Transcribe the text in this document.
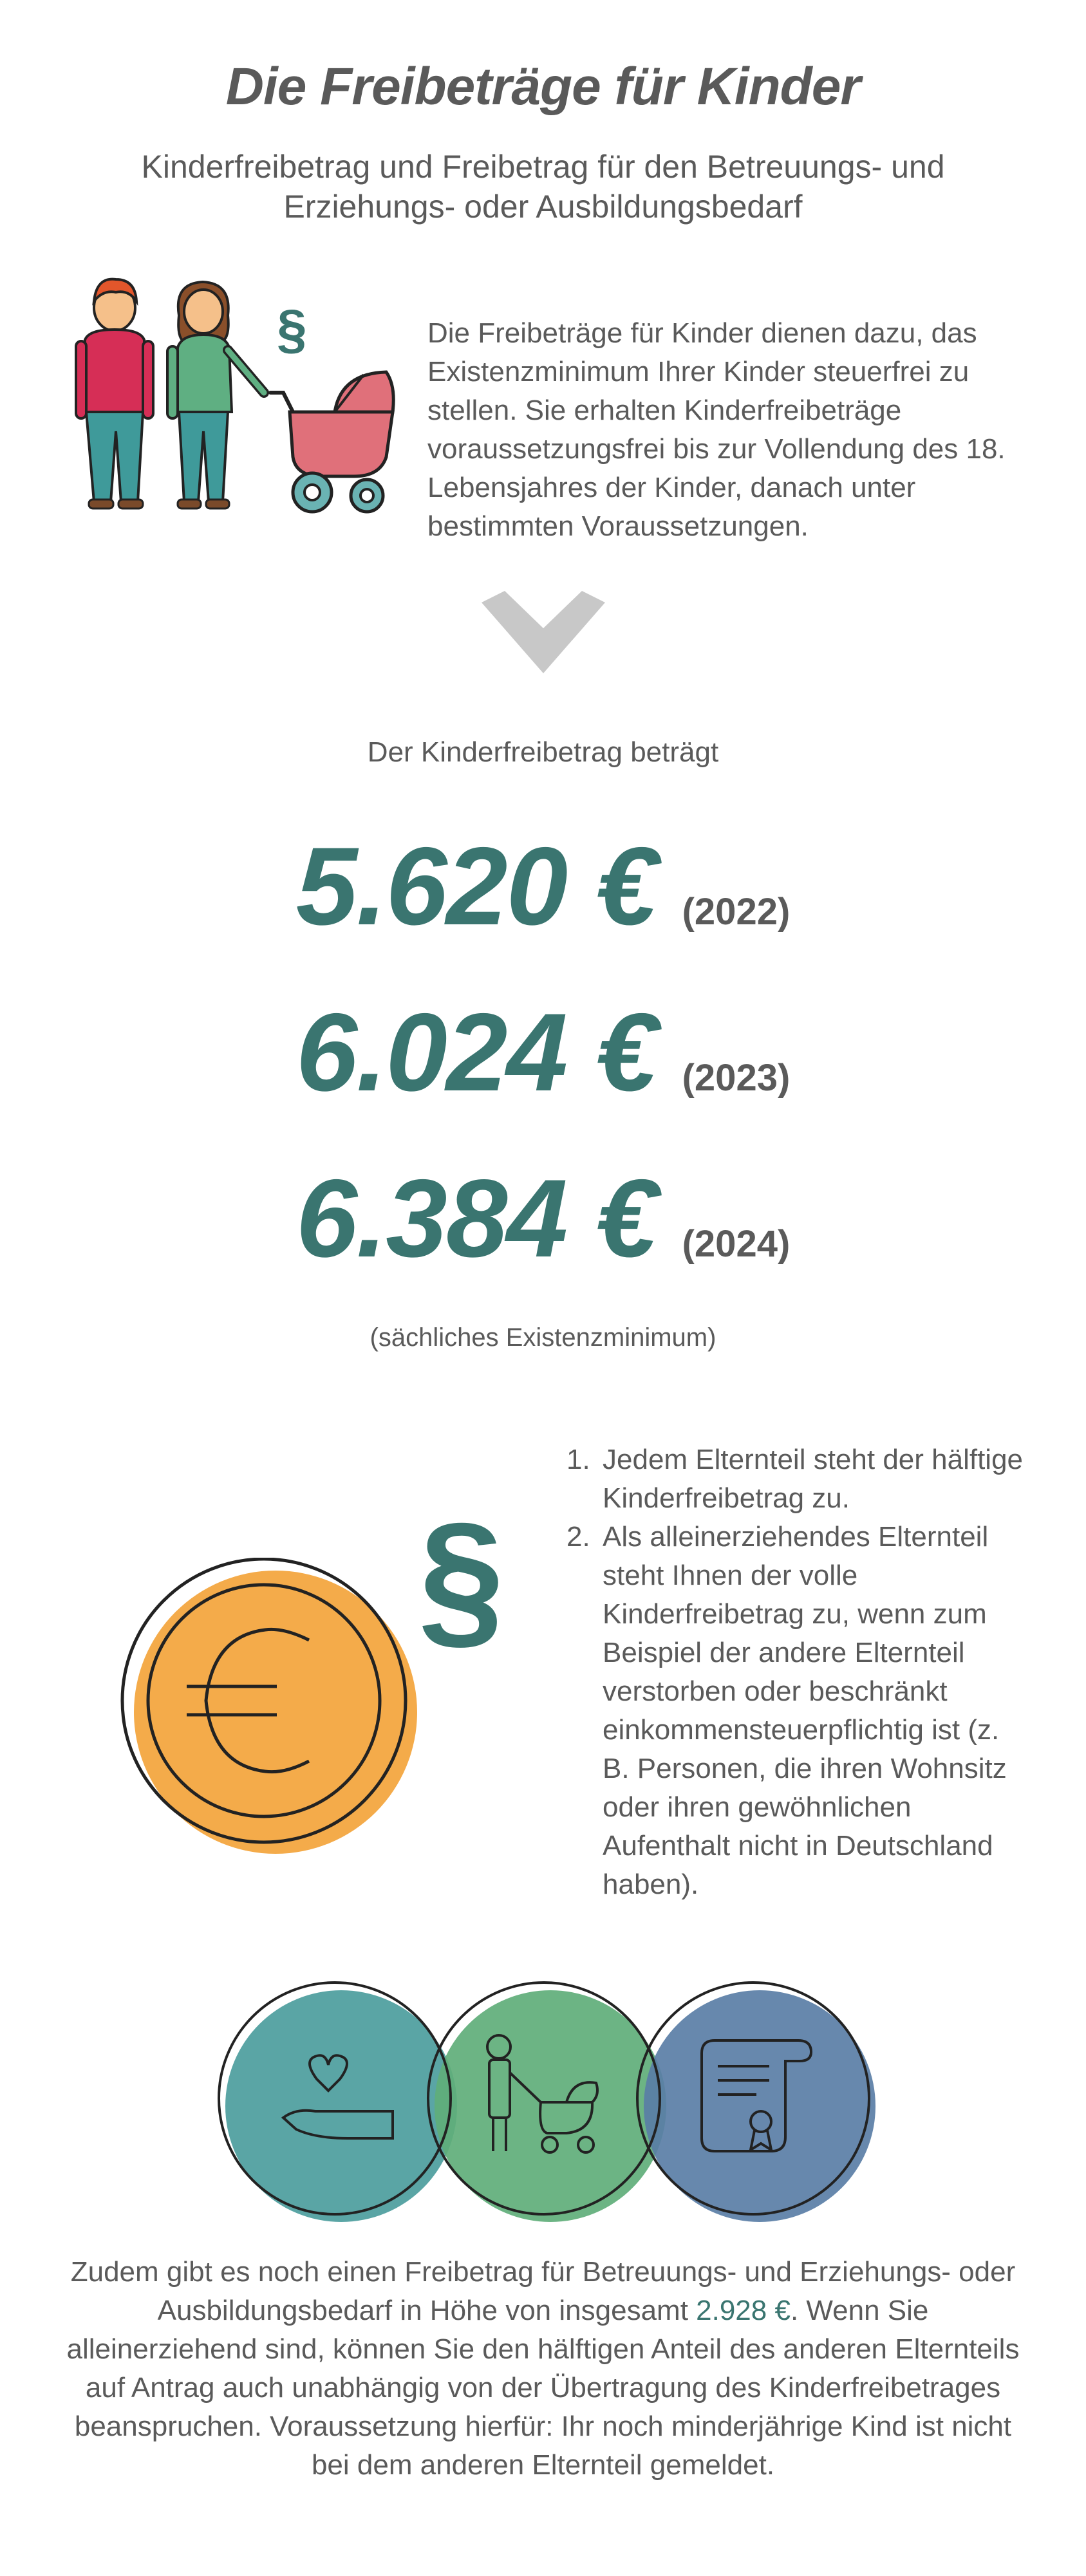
Die Freibeträge für Kinder
Kinderfreibetrag und Freibetrag für den Betreuungs- und
Erziehungs- oder Ausbildungsbedarf
§	Die Freibeträge für Kinder dienen dazu, das Existenzminimum Ihrer Kinder steuerfrei zu stellen. Sie erhalten Kinderfreibeträge voraussetzungsfrei bis zur Vollendung des 18. Lebensjahres der Kinder, danach unter bestimmten Voraussetzungen.
Der Kinderfreibetrag beträgt
5.620 € (2022)
6.024 € (2023)
6.384 € (2024)
(sächliches Existenzminimum)
§
1. Jedem Elternteil steht der hälftige Kinderfreibetrag zu.
2. Als alleinerziehendes Elternteil steht Ihnen der volle Kinderfreibetrag zu, wenn zum Beispiel der andere Elternteil verstorben oder beschränkt einkommensteuerpflichtig ist (z. B. Personen, die ihren Wohnsitz oder ihren gewöhnlichen Aufenthalt nicht in Deutschland haben).
Zudem gibt es noch einen Freibetrag für Betreuungs- und Erziehungs- oder Ausbildungsbedarf in Höhe von insgesamt 2.928 €. Wenn Sie alleinerziehend sind, können Sie den hälftigen Anteil des anderen Elternteils auf Antrag auch unabhängig von der Übertragung des Kinderfreibetrages beanspruchen. Voraussetzung hierfür: Ihr noch minderjährige Kind ist nicht bei dem anderen Elternteil gemeldet.
